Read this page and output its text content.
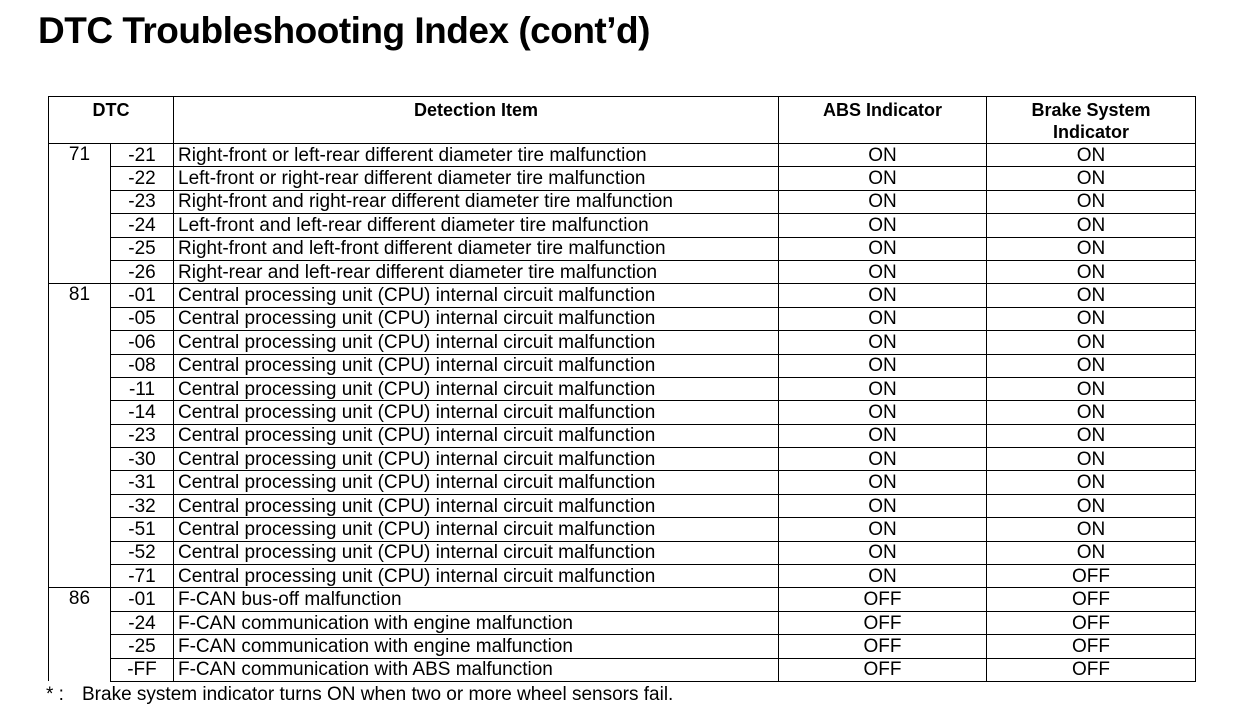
DTC Troubleshooting Index (cont’d)
DTC		Detection Item	ABS Indicator	Brake System
Indicator
71	-21	Right-front or left-rear different diameter tire malfunction	ON	ON
	-22	Left-front or right-rear different diameter tire malfunction	ON	ON
	-23	Right-front and right-rear different diameter tire malfunction	ON	ON
	-24	Left-front and left-rear different diameter tire malfunction	ON	ON
	-25	Right-front and left-front different diameter tire malfunction	ON	ON
	-26	Right-rear and left-rear different diameter tire malfunction	ON	ON
81	-01	Central processing unit (CPU) internal circuit malfunction	ON	ON
	-05	Central processing unit (CPU) internal circuit malfunction	ON	ON
	-06	Central processing unit (CPU) internal circuit malfunction	ON	ON
	-08	Central processing unit (CPU) internal circuit malfunction	ON	ON
	-11	Central processing unit (CPU) internal circuit malfunction	ON	ON
	-14	Central processing unit (CPU) internal circuit malfunction	ON	ON
	-23	Central processing unit (CPU) internal circuit malfunction	ON	ON
	-30	Central processing unit (CPU) internal circuit malfunction	ON	ON
	-31	Central processing unit (CPU) internal circuit malfunction	ON	ON
	-32	Central processing unit (CPU) internal circuit malfunction	ON	ON
	-51	Central processing unit (CPU) internal circuit malfunction	ON	ON
	-52	Central processing unit (CPU) internal circuit malfunction	ON	ON
	-71	Central processing unit (CPU) internal circuit malfunction	ON	OFF
86	-01	F-CAN bus-off malfunction	OFF	OFF
	-24	F-CAN communication with engine malfunction	OFF	OFF
	-25	F-CAN communication with engine malfunction	OFF	OFF
	-FF	F-CAN communication with ABS malfunction	OFF	OFF
* : Brake system indicator turns ON when two or more wheel sensors fail.
